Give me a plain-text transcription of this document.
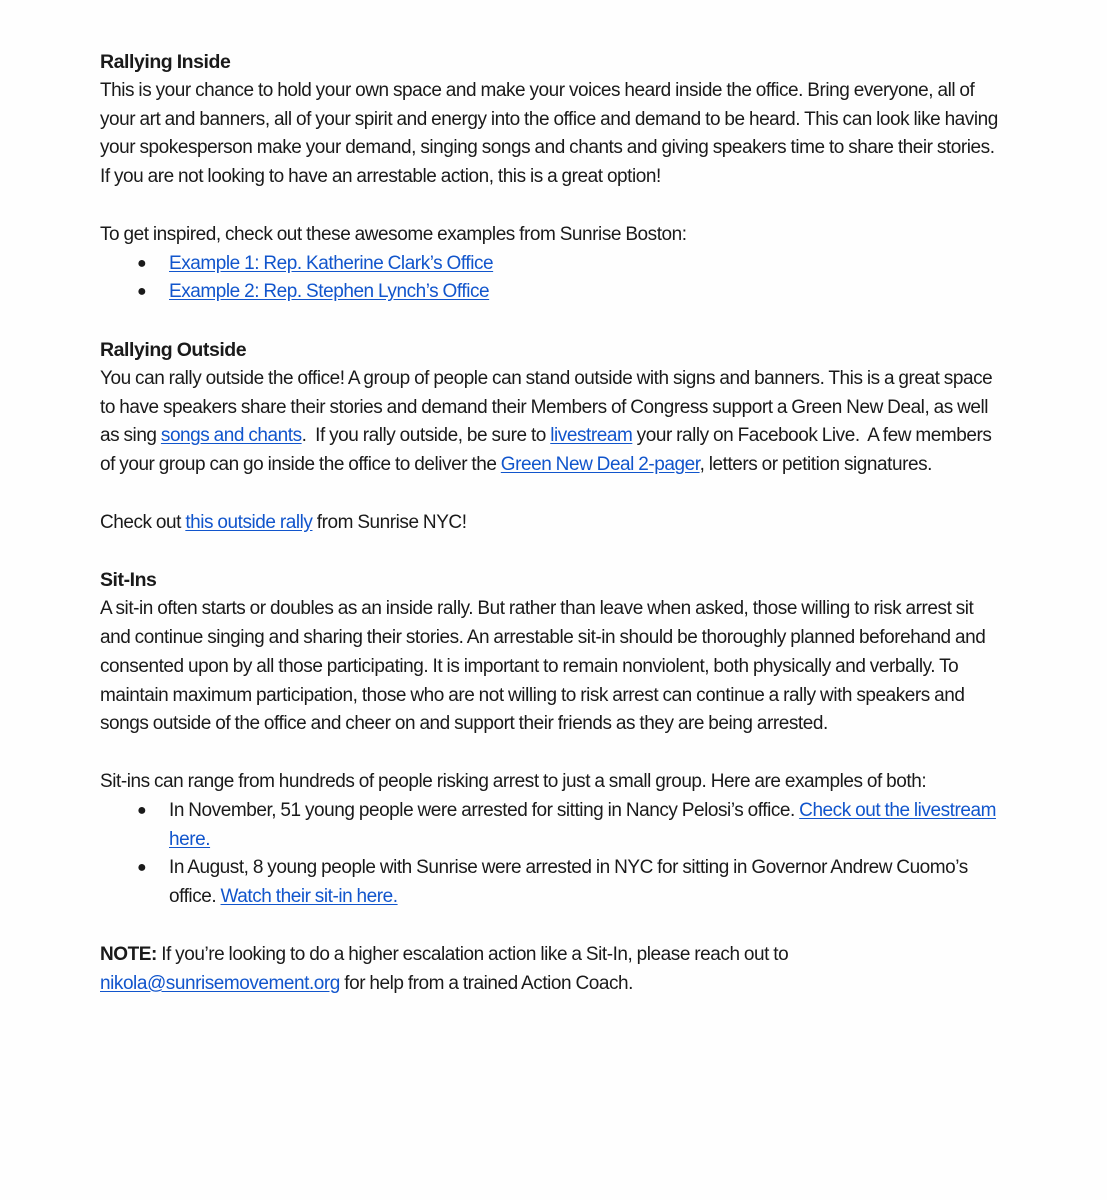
Rallying Inside

This is your chance to hold your own space and make your voices heard inside the office. Bring everyone, all of your art and banners, all of your spirit and energy into the office and demand to be heard. This can look like having your spokesperson make your demand, singing songs and chants and giving speakers time to share their stories. If you are not looking to have an arrestable action, this is a great option!

To get inspired, check out these awesome examples from Sunrise Boston:

● Example 1: Rep. Katherine Clark’s Office
● Example 2: Rep. Stephen Lynch’s Office
Rallying Outside

You can rally outside the office! A group of people can stand outside with signs and banners. This is a great space to have speakers share their stories and demand their Members of Congress support a Green New Deal, as well as sing songs and chants.  If you rally outside, be sure to livestream your rally on Facebook Live.  A few members of your group can go inside the office to deliver the Green New Deal 2-pager, letters or petition signatures.

Check out this outside rally from Sunrise NYC!

Sit-Ins

A sit-in often starts or doubles as an inside rally. But rather than leave when asked, those willing to risk arrest sit and continue singing and sharing their stories. An arrestable sit-in should be thoroughly planned beforehand and consented upon by all those participating. It is important to remain nonviolent, both physically and verbally. To maintain maximum participation, those who are not willing to risk arrest can continue a rally with speakers and songs outside of the office and cheer on and support their friends as they are being arrested.

Sit-ins can range from hundreds of people risking arrest to just a small group. Here are examples of both:

● In November, 51 young people were arrested for sitting in Nancy Pelosi’s office. Check out the livestream here.
● In August, 8 young people with Sunrise were arrested in NYC for sitting in Governor Andrew Cuomo’s office. Watch their sit-in here.

NOTE: If you’re looking to do a higher escalation action like a Sit-In, please reach out to nikola@sunrisemovement.org for help from a trained Action Coach.
